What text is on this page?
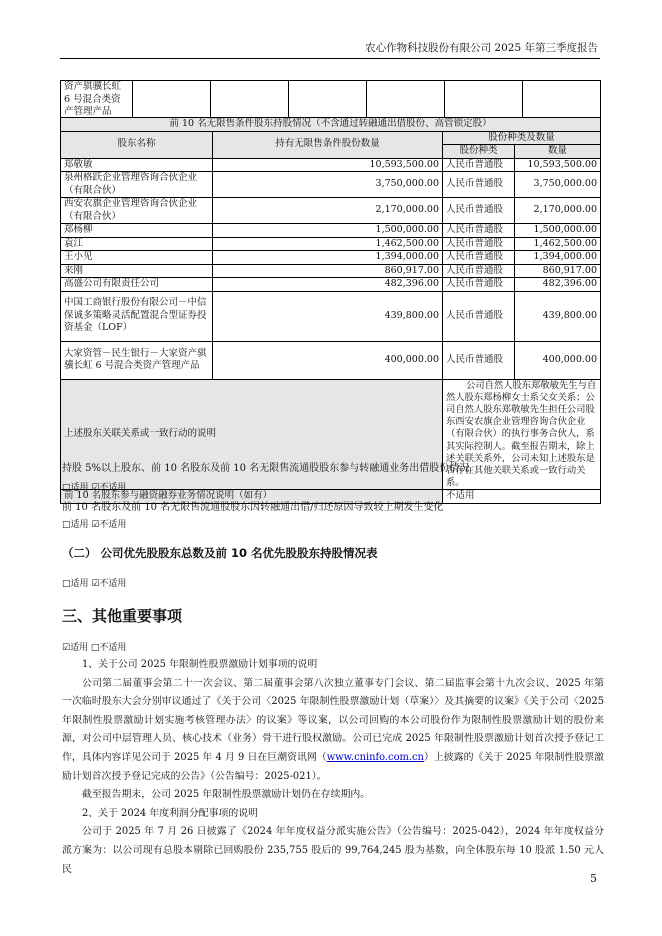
农心作物科技股份有限公司 2025 年第三季度报告
资产骐骥长虹
6 号混合类资
产管理产品

前 10 名无限售条件股东持股情况（不含通过转融通出借股份、高管锁定股）			
股东名称	持有无限售条件股份数量	股份种类及数量	
		股份种类	数量
郑敬敏	10,593,500.00	人民币普通股	10,593,500.00
泉州格跃企业管理咨询合伙企业（有限合伙）	3,750,000.00	人民币普通股	3,750,000.00
西安农旗企业管理咨询合伙企业（有限合伙）	2,170,000.00	人民币普通股	2,170,000.00
郑杨柳	1,500,000.00	人民币普通股	1,500,000.00
袁江	1,462,500.00	人民币普通股	1,462,500.00
王小见	1,394,000.00	人民币普通股	1,394,000.00
来刚	860,917.00	人民币普通股	860,917.00
高盛公司有限责任公司	482,396.00	人民币普通股	482,396.00
中国工商银行股份有限公司－中信保诚多策略灵活配置混合型证券投资基金（LOF）	439,800.00	人民币普通股	439,800.00
大家资管－民生银行－大家资产骐骥长虹 6 号混合类资产管理产品	400,000.00	人民币普通股	400,000.00
上述股东关联关系或一致行动的说明		公司自然人股东郑敬敏先生与自然人股东郑杨柳女士系父女关系；公司自然人股东郑敬敏先生担任公司股东西安农旗企业管理咨询合伙企业（有限合伙）的执行事务合伙人，系其实际控制人。截至报告期末，除上述关联关系外，公司未知上述股东是否存在其他关联关系或一致行动关系。	
前 10 名股东参与融资融券业务情况说明（如有）		不适用	
持股 5%以上股东、前 10 名股东及前 10 名无限售流通股股东参与转融通业务出借股份情况
□适用 ☑不适用
前 10 名股东及前 10 名无限售流通股股东因转融通出借/归还原因导致较上期发生变化
□适用 ☑不适用
（二） 公司优先股股东总数及前 10 名优先股股东持股情况表
□适用 ☑不适用
三、其他重要事项
☑适用 □不适用

1、关于公司 2025 年限制性股票激励计划事项的说明

公司第二届董事会第二十一次会议、第二届董事会第八次独立董事专门会议、第二届监事会第十九次会议、2025 年第一次临时股东大会分别审议通过了《关于公司〈2025 年限制性股票激励计划（草案）〉及其摘要的议案》《关于公司〈2025 年限制性股票激励计划实施考核管理办法〉的议案》等议案，以公司回购的本公司股份作为限制性股票激励计划的股份来源，对公司中层管理人员、核心技术（业务）骨干进行股权激励。公司已完成 2025 年限制性股票激励计划首次授予登记工作，具体内容详见公司于 2025 年 4 月 9 日在巨潮资讯网（www.cninfo.com.cn）上披露的《关于 2025 年限制性股票激励计划首次授予登记完成的公告》（公告编号：2025-021）。

截至报告期末，公司 2025 年限制性股票激励计划仍在存续期内。

2、关于 2024 年度利润分配事项的说明

公司于 2025 年 7 月 26 日披露了《2024 年年度权益分派实施公告》（公告编号：2025-042），2024 年年度权益分派方案为：以公司现有总股本剔除已回购股份 235,755 股后的 99,764,245 股为基数，向全体股东每 10 股派 1.50 元人民

5
